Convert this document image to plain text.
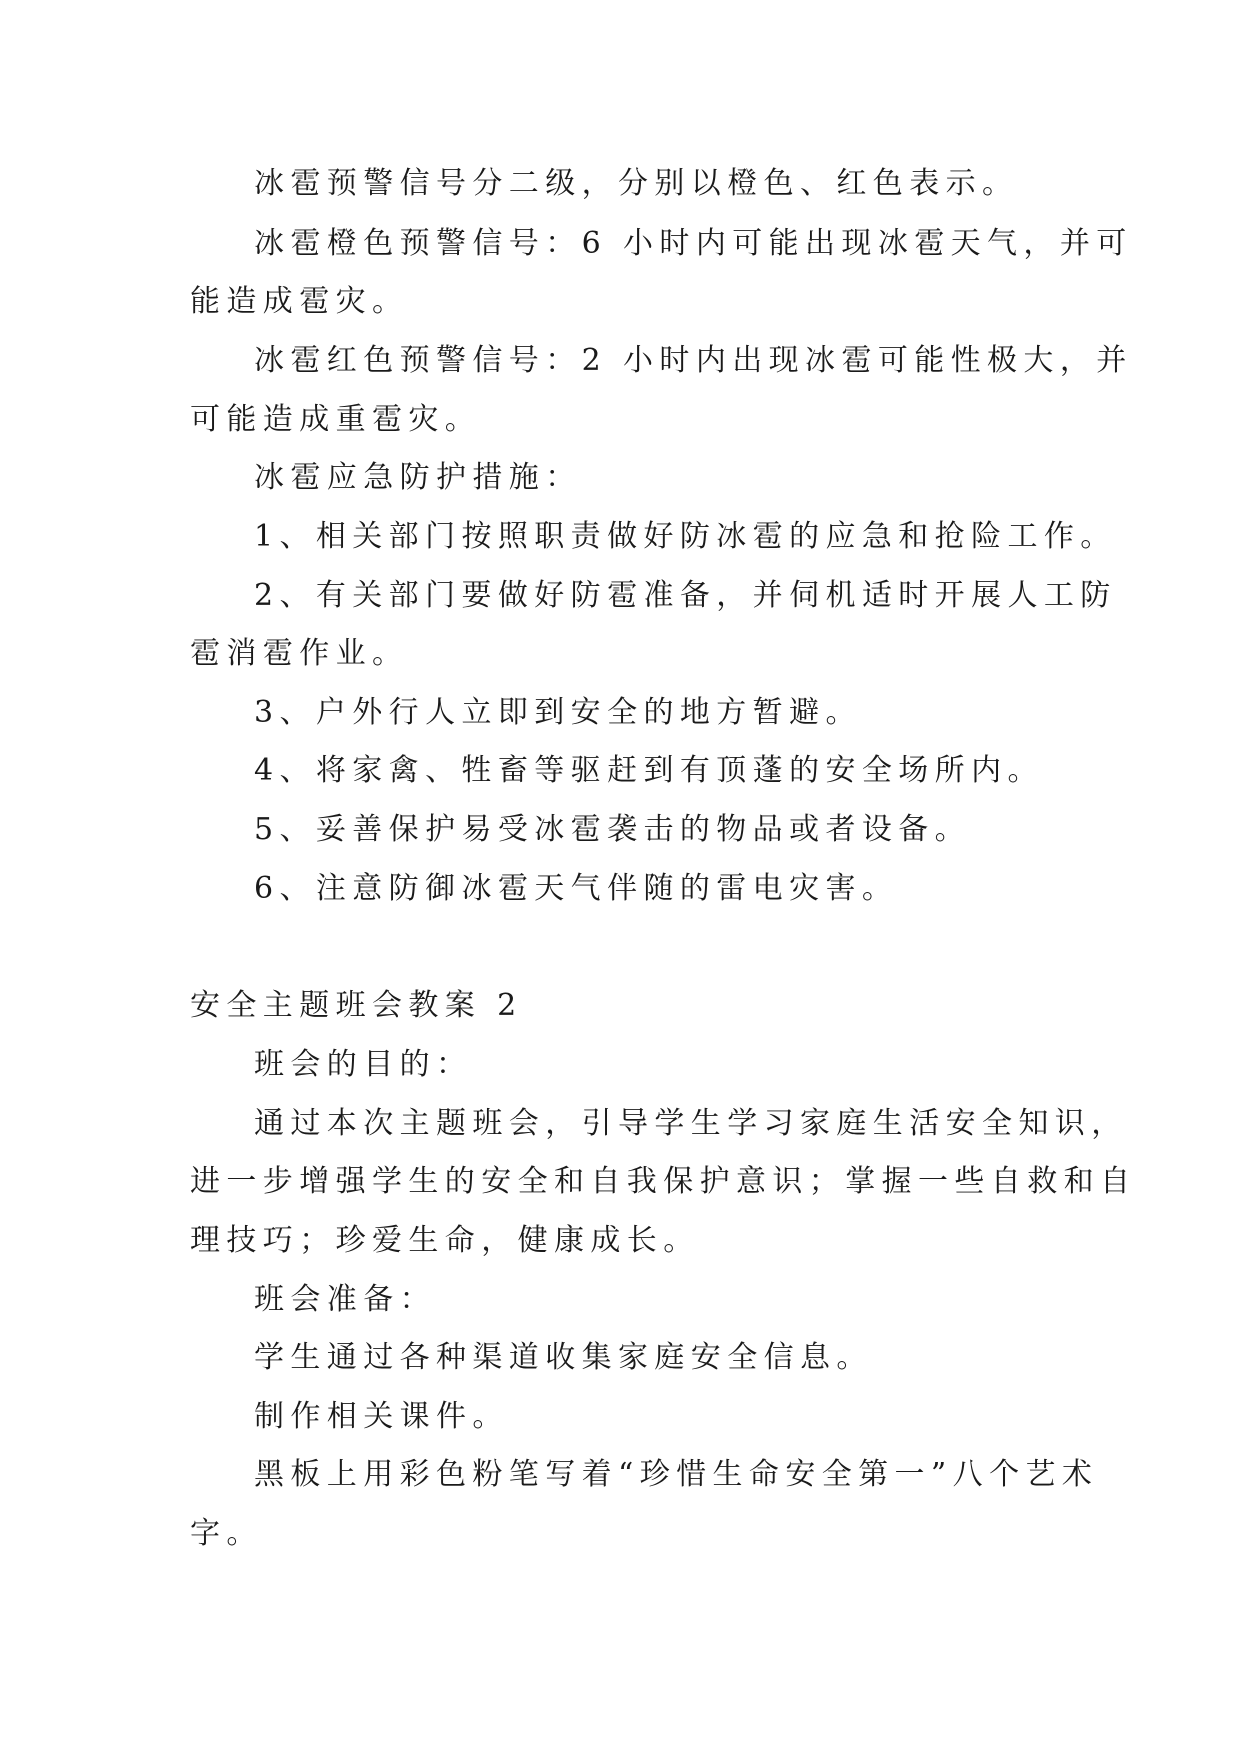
冰雹预警信号分二级，分别以橙色、红色表示。
冰雹橙色预警信号：6 小时内可能出现冰雹天气，并可
能造成雹灾。
冰雹红色预警信号：2 小时内出现冰雹可能性极大，并
可能造成重雹灾。
冰雹应急防护措施：
1、相关部门按照职责做好防冰雹的应急和抢险工作。
2、有关部门要做好防雹准备，并伺机适时开展人工防
雹消雹作业。
3、户外行人立即到安全的地方暂避。
4、将家禽、牲畜等驱赶到有顶蓬的安全场所内。
5、妥善保护易受冰雹袭击的物品或者设备。
6、注意防御冰雹天气伴随的雷电灾害。
安全主题班会教案 2
班会的目的：
通过本次主题班会，引导学生学习家庭生活安全知识，
进一步增强学生的安全和自我保护意识；掌握一些自救和自
理技巧；珍爱生命，健康成长。
班会准备：
学生通过各种渠道收集家庭安全信息。
制作相关课件。
黑板上用彩色粉笔写着“珍惜生命安全第一”八个艺术
字。
